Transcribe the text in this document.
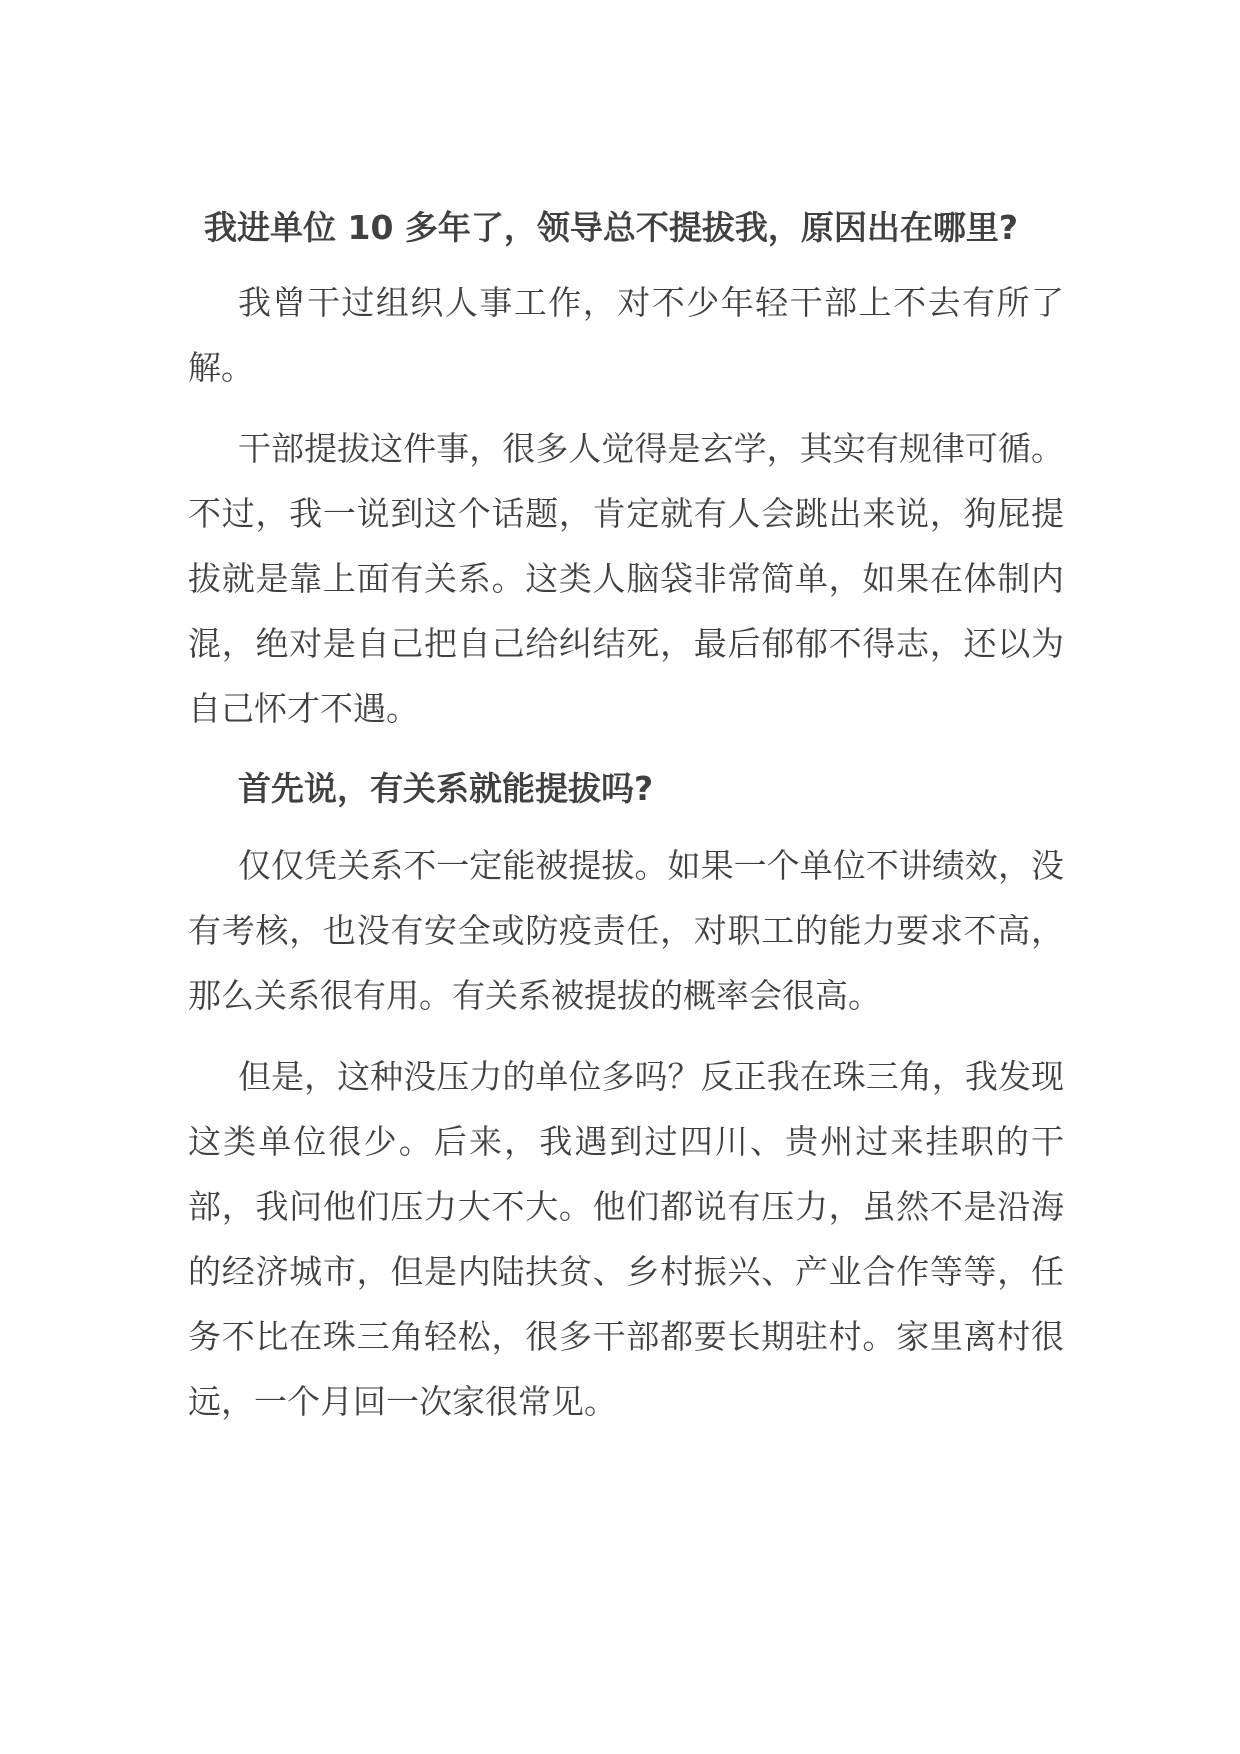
我进单位 10 多年了，领导总不提拔我，原因出在哪里?

我曾干过组织人事工作，对不少年轻干部上不去有所了解。

干部提拔这件事，很多人觉得是玄学，其实有规律可循。不过，我一说到这个话题，肯定就有人会跳出来说，狗屁提拔就是靠上面有关系。这类人脑袋非常简单，如果在体制内混，绝对是自己把自己给纠结死，最后郁郁不得志，还以为自己怀才不遇。

首先说，有关系就能提拔吗?

仅仅凭关系不一定能被提拔。如果一个单位不讲绩效，没有考核，也没有安全或防疫责任，对职工的能力要求不高，那么关系很有用。有关系被提拔的概率会很高。

但是，这种没压力的单位多吗？反正我在珠三角，我发现这类单位很少。后来，我遇到过四川、贵州过来挂职的干部，我问他们压力大不大。他们都说有压力，虽然不是沿海的经济城市，但是内陆扶贫、乡村振兴、产业合作等等，任务不比在珠三角轻松，很多干部都要长期驻村。家里离村很远，一个月回一次家很常见。
